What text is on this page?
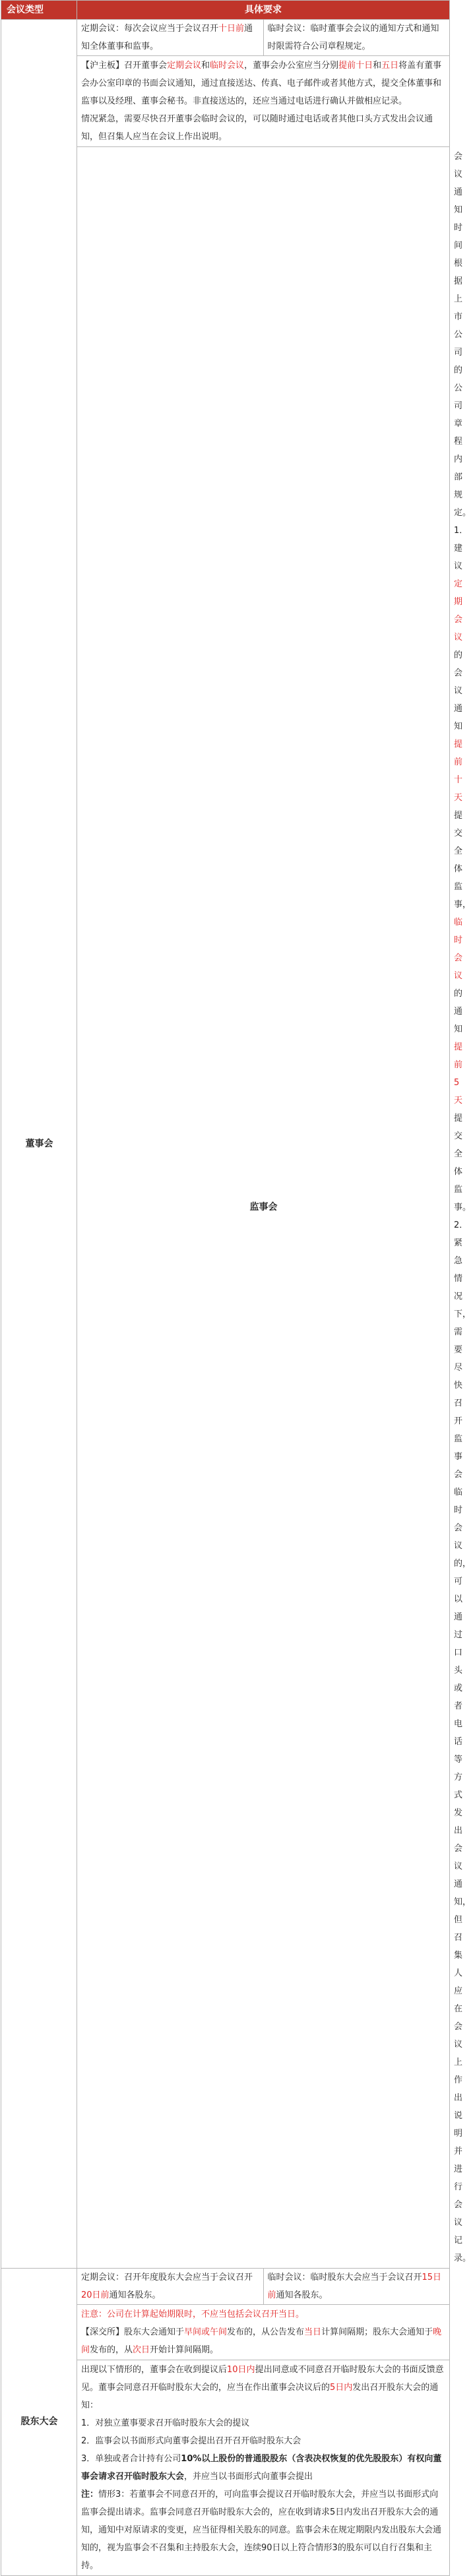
会议类型	具体要求	
董事会	定期会议：每次会议应当于会议召开十日前通知全体董事和监事。
临时会议：临时董事会会议的通知方式和通知时限需符合公司章程规定。	

	【沪主板】召开董事会定期会议和临时会议，董事会办公室应当分别提前十日和五日将盖有董事会办公室印章的书面会议通知，通过直接送达、传真、电子邮件或者其他方式，提交全体董事和监事以及经理、董事会秘书。非直接送达的，还应当通过电话进行确认并做相应记录。

情况紧急，需要尽快召开董事会临时会议的，可以随时通过电话或者其他口头方式发出会议通知，但召集人应当在会议上作出说明。	

	监事会	会议通知时间根据上市公司的公司章程内部规定。

1．建议定期会议的会议通知提前十天提交全体监事，临时会议的通知提前5天提交全体监事。

2．紧急情况下，需要尽快召开监事会临时会议的，可以通过口头或者电话等方式发出会议通知，但召集人应在会议上作出说明并进行会议记录。

股东大会	定期会议：召开年度股东大会应当于会议召开20日前通知各股东。
临时会议：临时股东大会应当于会议召开15日前通知各股东。	

	注意：公司在计算起始期限时，不应当包括会议召开当日。

【深交所】股东大会通知于早间或午间发布的，从公告发布当日计算间隔期；股东大会通知于晚间发布的，从次日开始计算间隔期。	

	出现以下情形的，董事会在收到提议后10日内提出同意或不同意召开临时股东大会的书面反馈意见。董事会同意召开临时股东大会的，应当在作出董事会决议后的5日内发出召开股东大会的通知：

1．对独立董事要求召开临时股东大会的提议

2．监事会以书面形式向董事会提出召开召开临时股东大会

3．单独或者合计持有公司10%以上股份的普通股股东（含表决权恢复的优先股股东）有权向董事会请求召开临时股东大会，并应当以书面形式向董事会提出

注：情形3：若董事会不同意召开的，可向监事会提议召开临时股东大会，并应当以书面形式向监事会提出请求。监事会同意召开临时股东大会的，应在收到请求5日内发出召开股东大会的通知，通知中对原请求的变更，应当征得相关股东的同意。监事会未在规定期限内发出股东大会通知的，视为监事会不召集和主持股东大会，连续90日以上符合情形3的股东可以自行召集和主持。	
